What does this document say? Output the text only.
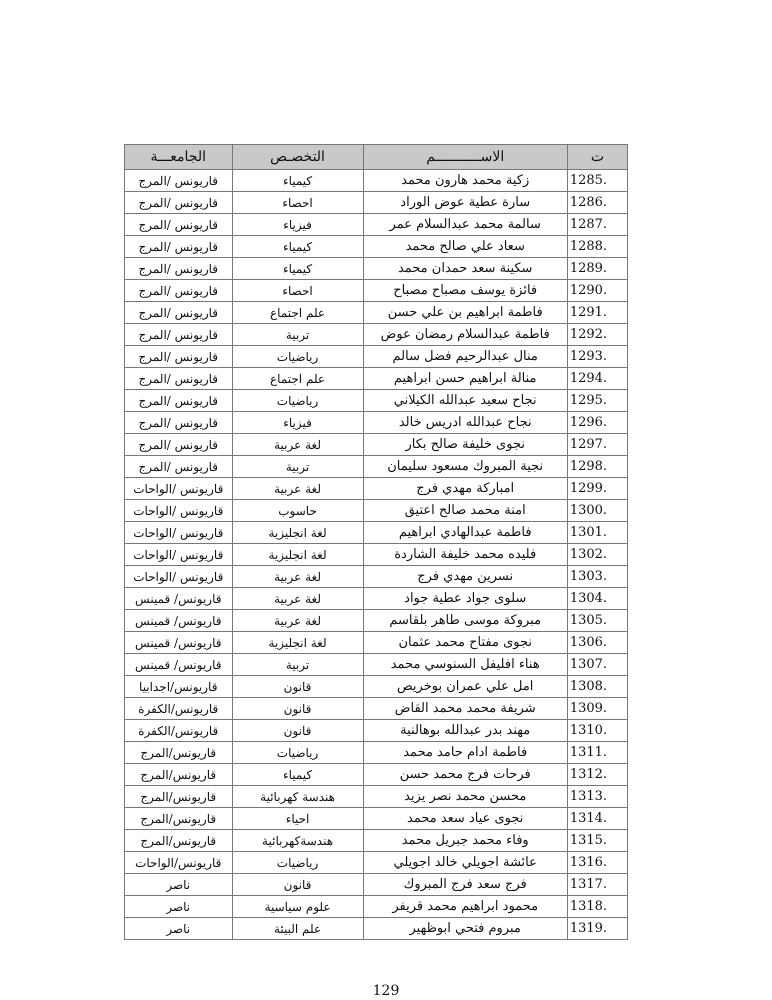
ت	الاســـــــــــم	التخصـص	الجامعـــة
1285.	زكية محمد هارون محمد	كيمياء	قاريونس /المرج
1286.	سارة عطية عوض الوراد	احصاء	قاريونس /المرج
1287.	سالمة محمد عبدالسلام عمر	فيزياء	قاريونس /المرج
1288.	سعاد علي صالح محمد	كيمياء	قاريونس /المرج
1289.	سكينة سعد حمدان محمد	كيمياء	قاريونس /المرج
1290.	فائزة يوسف مصباح مصباح	احصاء	قاريونس /المرج
1291.	فاطمة ابراهيم بن علي حسن	علم اجتماع	قاريونس /المرج
1292.	فاطمة عبدالسلام رمضان عوض	تربية	قاريونس /المرج
1293.	منال عبدالرحيم فضل سالم	رياضيات	قاريونس /المرج
1294.	منالة ابراهيم حسن ابراهيم	علم اجتماع	قاريونس /المرج
1295.	نجاح سعيد عبدالله الكيلاني	رياضيات	قاريونس /المرج
1296.	نجاح عبدالله ادريس خالد	فيزياء	قاريونس /المرج
1297.	نجوى خليفة صالح بكار	لغة عربية	قاريونس /المرج
1298.	نجية المبروك مسعود سليمان	تربية	قاريونس /المرج
1299.	امباركة مهدي فرج	لغة عربية	قاريونس /الواحات
1300.	امنة محمد صالح اعتيق	حاسوب	قاريونس /الواحات
1301.	فاطمة عبدالهادي ابراهيم	لغة انجليزية	قاريونس /الواحات
1302.	فليده محمد خليفة الشاردة	لغة انجليزية	قاريونس /الواحات
1303.	نسرين مهدي فرج	لغة عربية	قاريونس /الواحات
1304.	سلوى جواد عطية جواد	لغة عربية	قاريونس/ قمينس
1305.	مبروكة موسى طاهر بلقاسم	لغة عربية	قاريونس/ قمينس
1306.	نجوى مفتاح محمد عثمان	لغة انجليزية	قاريونس/ قمينس
1307.	هناء افليفل السنوسي محمد	تربية	قاريونس/ قمينس
1308.	امل علي عمران بوخريص	قانون	قاريونس/اجدابيا
1309.	شريفة محمد محمد القاض	قانون	قاريونس/الكفرة
1310.	مهند بدر عبدالله بوهالنية	قانون	قاريونس/الكفرة
1311.	فاطمة ادام حامد محمد	رياضيات	قاريونس/المرج
1312.	فرحات فرج محمد حسن	كيمياء	قاريونس/المرج
1313.	محسن محمد نصر يزيد	هندسة كهربائية	قاريونس/المرج
1314.	نجوى عياد سعد محمد	احياء	قاريونس/المرج
1315.	وفاء محمد جبريل محمد	هندسةكهربائية	قاريونس/المرج
1316.	عائشة اجويلي خالد اجويلي	رياضيات	قاريونس/الواحات
1317.	فرج سعد فرج المبروك	قانون	ناصر
1318.	محمود ابراهيم محمد قريفر	علوم سياسية	ناصر
1319.	مبروم فتحي ابوظهير	علم البيئة	ناصر
129
